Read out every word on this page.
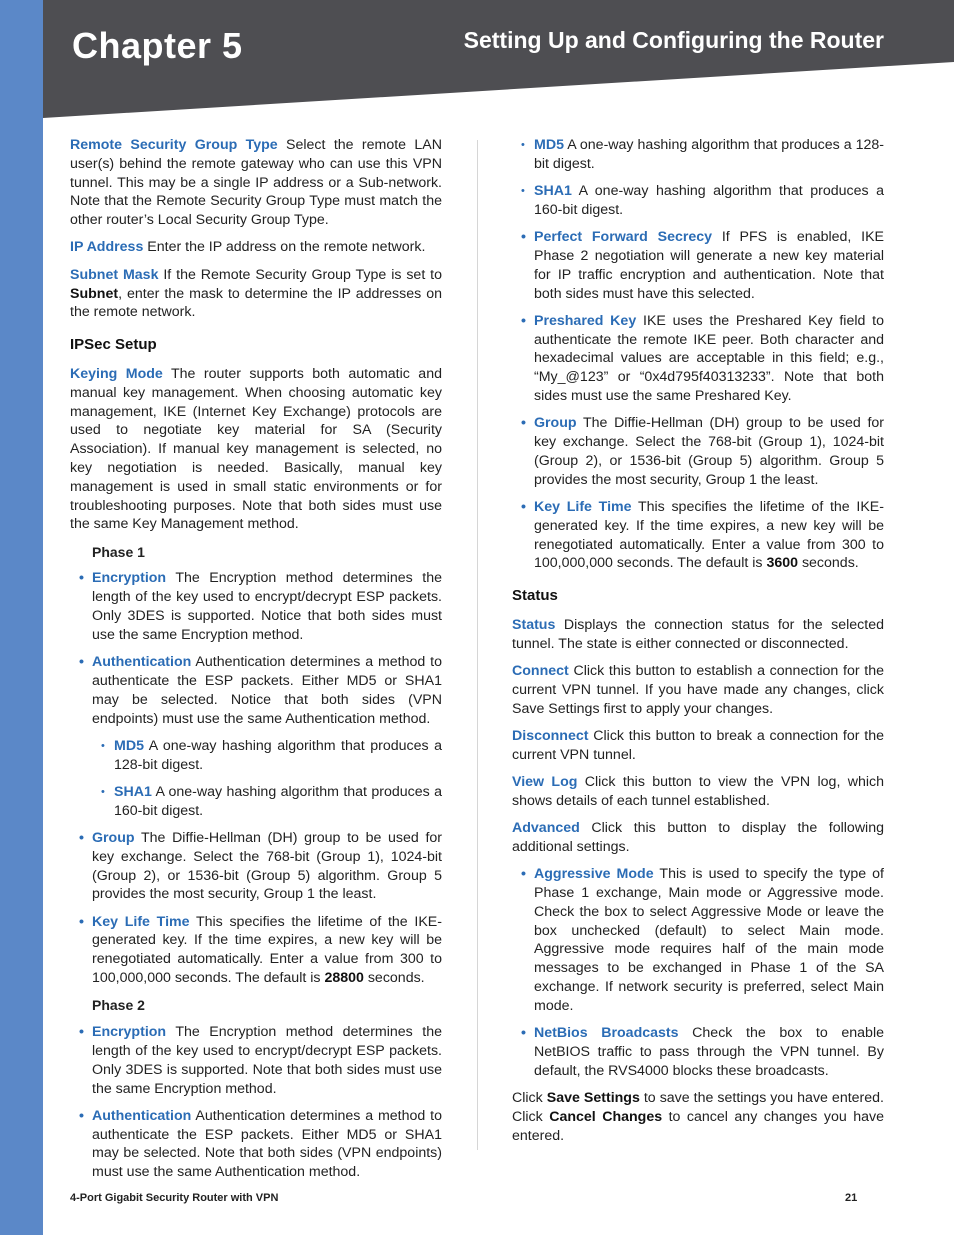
Chapter 5	Setting Up and Configuring the Router

Remote Security Group Type Select the remote LAN user(s) behind the remote gateway who can use this VPN tunnel. This may be a single IP address or a Sub-network. Note that the Remote Security Group Type must match the other router’s Local Security Group Type.

IP Address Enter the IP address on the remote network.

Subnet Mask If the Remote Security Group Type is set to Subnet, enter the mask to determine the IP addresses on the remote network.

IPSec Setup

Keying Mode The router supports both automatic and manual key management. When choosing automatic key management, IKE (Internet Key Exchange) protocols are used to negotiate key material for SA (Security Association). If manual key management is selected, no key negotiation is needed. Basically, manual key management is used in small static environments or for troubleshooting purposes. Note that both sides must use the same Key Management method.

Phase 1
• Encryption The Encryption method determines the length of the key used to encrypt/decrypt ESP packets. Only 3DES is supported. Notice that both sides must use the same Encryption method.
• Authentication Authentication determines a method to authenticate the ESP packets. Either MD5 or SHA1 may be selected. Notice that both sides (VPN endpoints) must use the same Authentication method.
• MD5 A one-way hashing algorithm that produces a 128-bit digest.
• SHA1 A one-way hashing algorithm that produces a 160-bit digest.
• Group The Diffie-Hellman (DH) group to be used for key exchange. Select the 768-bit (Group 1), 1024-bit (Group 2), or 1536-bit (Group 5) algorithm. Group 5 provides the most security, Group 1 the least.
• Key Life Time This specifies the lifetime of the IKE-generated key. If the time expires, a new key will be renegotiated automatically. Enter a value from 300 to 100,000,000 seconds. The default is 28800 seconds.
Phase 2
• Encryption The Encryption method determines the length of the key used to encrypt/decrypt ESP packets. Only 3DES is supported. Note that both sides must use the same Encryption method.
• Authentication Authentication determines a method to authenticate the ESP packets. Either MD5 or SHA1 may be selected. Note that both sides (VPN endpoints) must use the same Authentication method.
• MD5 A one-way hashing algorithm that produces a 128-bit digest.
• SHA1 A one-way hashing algorithm that produces a 160-bit digest.
• Perfect Forward Secrecy If PFS is enabled, IKE Phase 2 negotiation will generate a new key material for IP traffic encryption and authentication. Note that both sides must have this selected.
• Preshared Key IKE uses the Preshared Key field to authenticate the remote IKE peer. Both character and hexadecimal values are acceptable in this field; e.g., “My_@123” or “0x4d795f40313233”. Note that both sides must use the same Preshared Key.
• Group The Diffie-Hellman (DH) group to be used for key exchange. Select the 768-bit (Group 1), 1024-bit (Group 2), or 1536-bit (Group 5) algorithm. Group 5 provides the most security, Group 1 the least.
• Key Life Time This specifies the lifetime of the IKE-generated key. If the time expires, a new key will be renegotiated automatically. Enter a value from 300 to 100,000,000 seconds. The default is 3600 seconds.
Status

Status Displays the connection status for the selected tunnel. The state is either connected or disconnected.

Connect Click this button to establish a connection for the current VPN tunnel. If you have made any changes, click Save Settings first to apply your changes.

Disconnect Click this button to break a connection for the current VPN tunnel.

View Log Click this button to view the VPN log, which shows details of each tunnel established.

Advanced Click this button to display the following additional settings.

• Aggressive Mode This is used to specify the type of Phase 1 exchange, Main mode or Aggressive mode. Check the box to select Aggressive Mode or leave the box unchecked (default) to select Main mode. Aggressive mode requires half of the main mode messages to be exchanged in Phase 1 of the SA exchange. If network security is preferred, select Main mode.
• NetBios Broadcasts Check the box to enable NetBIOS traffic to pass through the VPN tunnel. By default, the RVS4000 blocks these broadcasts.

Click Save Settings to save the settings you have entered. Click Cancel Changes to cancel any changes you have entered.

4-Port Gigabit Security Router with VPN	21
